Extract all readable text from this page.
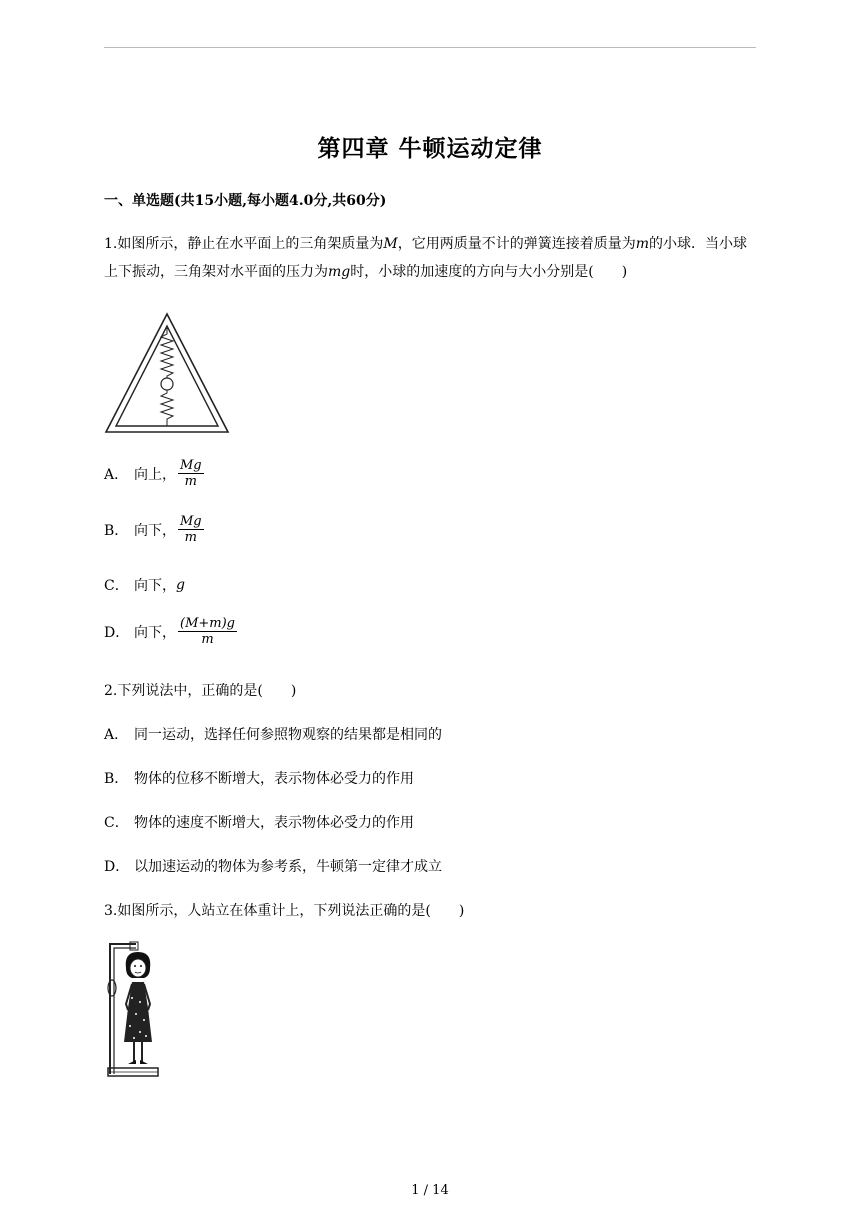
第四章 牛顿运动定律
一、单选题(共15小题,每小题4.0分,共60分)
1.如图所示，静止在水平面上的三角架质量为M，它用两质量不计的弹簧连接着质量为m的小球．当小球上下振动，三角架对水平面的压力为mg时，小球的加速度的方向与大小分别是(　　)
A． 向上， $\frac{Mg}{m}$
B． 向下， $\frac{Mg}{m}$
C． 向下， g
D． 向下， $\frac{(M+m)g}{m}$
2.下列说法中，正确的是(　　)
A． 同一运动，选择任何参照物观察的结果都是相同的
B． 物体的位移不断增大，表示物体必受力的作用
C． 物体的速度不断增大，表示物体必受力的作用
D． 以加速运动的物体为参考系，牛顿第一定律才成立
3.如图所示，人站立在体重计上，下列说法正确的是(　　)
1 / 14
